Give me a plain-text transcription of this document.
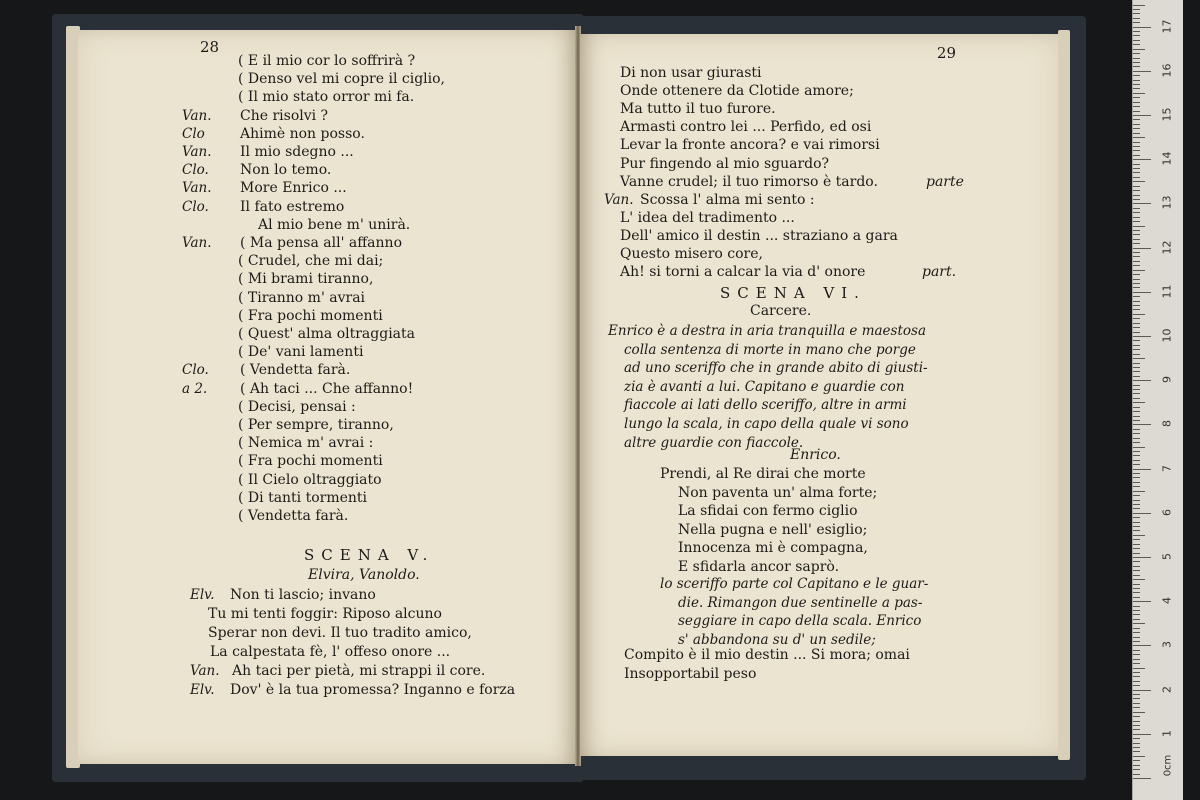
28
( E il mio cor lo soffrirà ?
( Denso vel mi copre il ciglio,
( Il mio stato orror mi fa.
Van. Che risolvi ?
Clo	Ahimè non posso.
Van. Il mio sdegno ...
Clo. Non lo temo.
Van. More Enrico ...
Clo. Il fato estremo
Al mio bene m' unirà.
Van. ( Ma pensa all' affanno
( Crudel, che mi dai;
( Mi brami tiranno,
( Tiranno m' avrai
( Fra pochi momenti
( Quest' alma oltraggiata
( De' vani lamenti
Clo. ( Vendetta farà.
a 2. ( Ah taci ... Che affanno!
( Decisi, pensai :
( Per sempre, tiranno,
( Nemica m' avrai :
( Fra pochi momenti
( Il Cielo oltraggiato
( Di tanti tormenti
( Vendetta farà.
SCENA V.
Elvira, Vanoldo.
Elv. Non ti lascio; invano
Tu mi tenti foggir: Riposo alcuno
Sperar non devi. Il tuo tradito amico,
La calpestata fè, l' offeso onore ...
Van. Ah taci per pietà, mi strappi il core.
Elv. Dov' è la tua promessa? Inganno e forza
29
Di non usar giurasti
Onde ottenere da Clotide amore;
Ma tutto il tuo furore.
Armasti contro lei ... Perfido, ed osi
Levar la fronte ancora? e vai rimorsi
Pur fingendo al mio sguardo?
Vanne crudel; il tuo rimorso è tardo.
Van. Scossa l' alma mi sento :
L' idea del tradimento ...
Dell' amico il destin ... straziano a gara
Questo misero core,
Ah! si torni a calcar la via d' onore
parte
part.
SCENA VI.
Carcere.
Enrico è a destra in aria tranquilla e maestosa
colla sentenza di morte in mano che porge
ad uno sceriffo che in grande abito di giusti-
zia è avanti a lui. Capitano e guardie con
fiaccole ai lati dello sceriffo, altre in armi
lungo la scala, in capo della quale vi sono
altre guardie con fiaccole.
Enrico.
Prendi, al Re dirai che morte
Non paventa un' alma forte;
La sfidai con fermo ciglio
Nella pugna e nell' esiglio;
Innocenza mi è compagna,
E sfidarla ancor saprò.
lo sceriffo parte col Capitano e le guar-
die. Rimangon due sentinelle a pas-
seggiare in capo della scala. Enrico
s' abbandona su d' un sedile;
Compito è il mio destin ... Si mora; omai
Insopportabil peso
0cm
1
2
3
4
5
6
7
8
9
10
11
12
13
14
15
16
17
